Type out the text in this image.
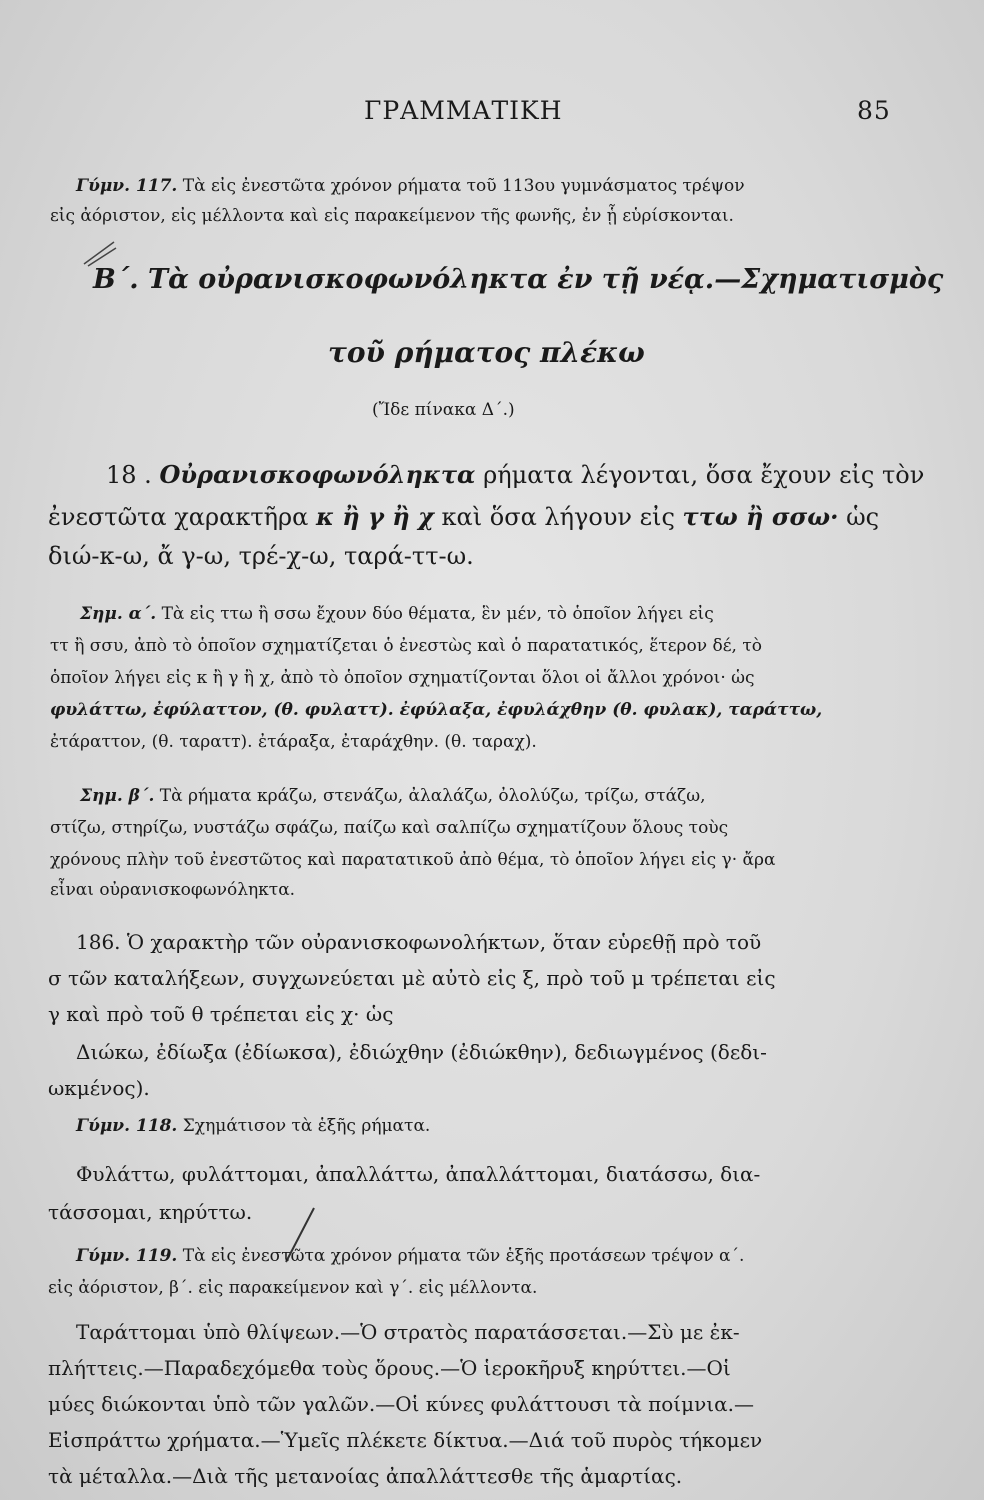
ΓΡΑΜΜΑΤΙΚΗ	85
Γύμν. 117. Τὰ εἰς ἐνεστῶτα χρόνον ρήματα τοῦ 113ου γυμνάσματος τρέψον
εἰς ἀόριστον, εἰς μέλλοντα καὶ εἰς παρακείμενον τῆς φωνῆς, ἐν ᾗ εὑρίσκονται.
Β΄. Τὰ οὐρανισκοφωνόληκτα ἐν τῇ νέᾳ.—Σχηματισμὸς
τοῦ ρήματος πλέκω
(Ἴδε πίνακα Δ΄.)
18 . Οὐρανισκοφωνόληκτα ρήματα λέγονται, ὅσα ἔχουν εἰς τὸν
ἐνεστῶτα χαρακτῆρα κ ἢ γ ἢ χ καὶ ὅσα λήγουν εἰς ττω ἢ σσω· ὡς
διώ-κ-ω, ἄ γ-ω, τρέ-χ-ω, ταρά-ττ-ω.
Σημ. α΄. Τὰ εἰς ττω ἢ σσω ἔχουν δύο θέματα, ἓν μέν, τὸ ὁποῖον λήγει εἰς
ττ ἢ σσυ, ἀπὸ τὸ ὁποῖον σχηματίζεται ὁ ἐνεστὼς καὶ ὁ παρατατικός, ἕτερον δέ, τὸ
ὁποῖον λήγει εἰς κ ἢ γ ἢ χ, ἀπὸ τὸ ὁποῖον σχηματίζονται ὅλοι οἱ ἄλλοι χρόνοι· ὡς
φυλάττω, ἐφύλαττον, (θ. φυλαττ). ἐφύλαξα, ἐφυλάχθην (θ. φυλακ), ταράττω,
ἐτάραττον, (θ. ταρατт). ἐτάραξα, ἐταράχθην. (θ. ταραχ).
Σημ. β΄. Τὰ ρήματα κράζω, στενάζω, ἀλαλάζω, ὀλολύζω, τρίζω, στάζω,
στίζω, στηρίζω, νυστάζω σφάζω, παίζω καὶ σαλπίζω σχηματίζουν ὅλους τοὺς
χρόνους πλὴν τοῦ ἐνεστῶτος καὶ παρατατικοῦ ἀπὸ θέμα, τὸ ὁποῖον λήγει εἰς γ· ἄρα
εἶναι οὐρανισκοφωνόληκτα.
186. Ὁ χαρακτὴρ τῶν οὐρανισκοφωνολήκτων, ὅταν εὑρεθῇ πρὸ τοῦ
σ τῶν καταλήξεων, συγχωνεύεται μὲ αὐτὸ εἰς ξ, πρὸ τοῦ μ τρέπεται εἰς
γ καὶ πρὸ τοῦ θ τρέπεται εἰς χ· ὡς
Διώκω, ἐδίωξα (ἐδίωκσα), ἐδιώχθην (ἐδιώκθην), δεδιωγμένος (δεδι-
ωκμένος).
Γύμν. 118. Σχημάτισον τὰ ἑξῆς ρήματα.
Φυλάττω, φυλάττομαι, ἀπαλλάττω, ἀπαλλάττομαι, διατάσσω, δια-
τάσσομαι, κηρύττω.
Γύμν. 119. Τὰ εἰς ἐνεστῶτα χρόνον ρήματα τῶν ἑξῆς προτάσεων τρέψον α΄.
εἰς ἀόριστον, β΄. εἰς παρακείμενον καὶ γ΄. εἰς μέλλοντα.
Ταράττομαι ὑπὸ θλίψεων.—Ὁ στρατὸς παρατάσσεται.—Σὺ με ἐκ-
πλήττεις.—Παραδεχόμεθα τοὺς ὅρους.—Ὁ ἱεροκῆρυξ κηρύττει.—Οἱ
μύες διώκονται ὑπὸ τῶν γαλῶν.—Οἱ κύνες φυλάττουσι τὰ ποίμνια.—
Εἰσπράττω χρήματα.—Ὑμεῖς πλέκετε δίκτυα.—Διά τοῦ πυρὸς τήκομεν
τὰ μέταλλα.—Διὰ τῆς μετανοίας ἀπαλλάττεσθε τῆς ἁμαρτίας.
